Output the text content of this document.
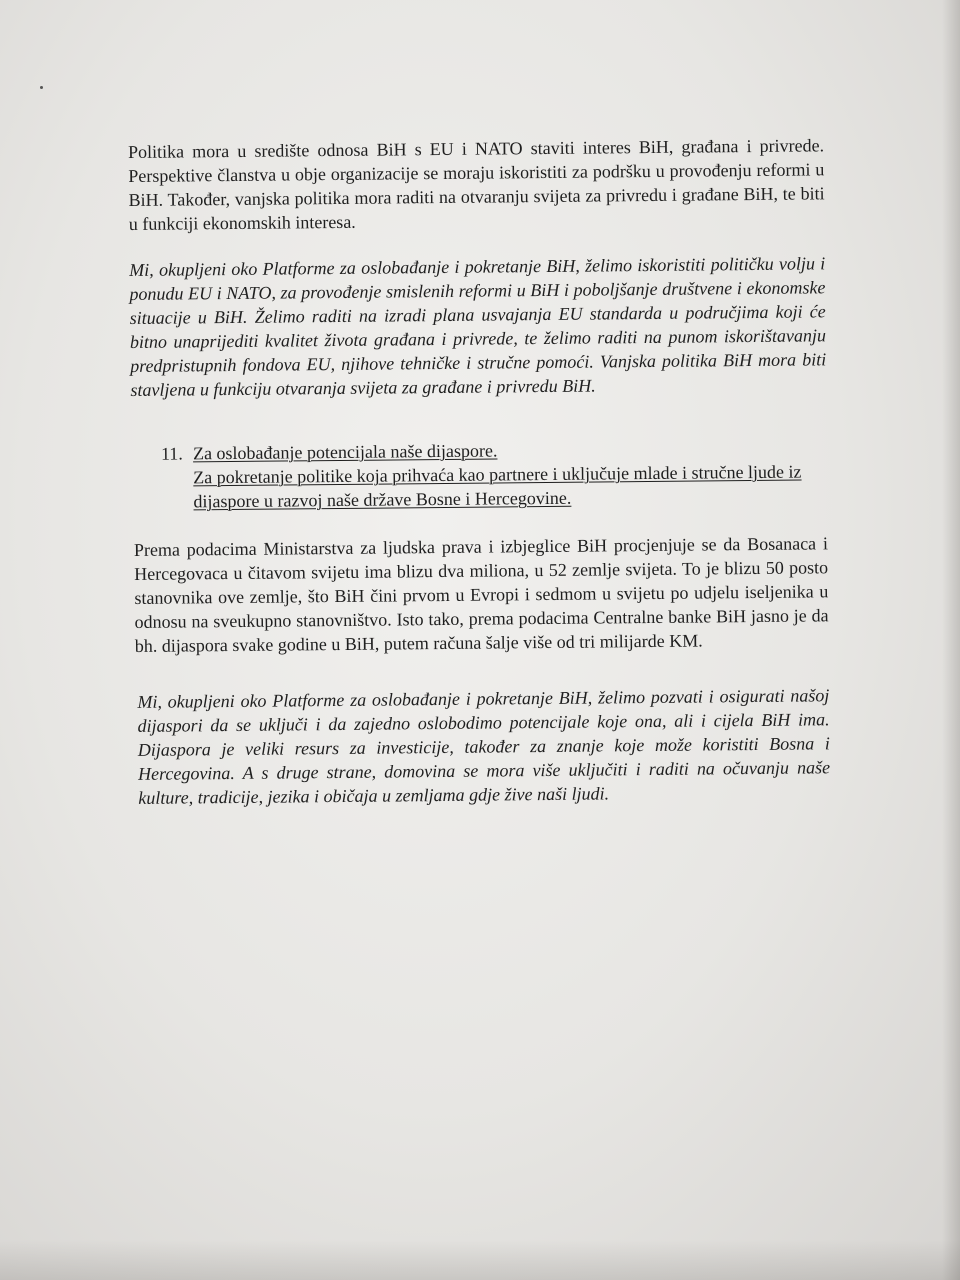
Politika mora u središte odnosa BiH s EU i NATO staviti interes BiH, građana i privrede. Perspektive članstva u obje organizacije se moraju iskoristiti za podršku u provođenju reformi u BiH. Također, vanjska politika mora raditi na otvaranju svijeta za privredu i građane BiH, te biti u funkciji ekonomskih interesa.

Mi, okupljeni oko Platforme za oslobađanje i pokretanje BiH, želimo iskoristiti političku volju i ponudu EU i NATO, za provođenje smislenih reformi u BiH i poboljšanje društvene i ekonomske situacije u BiH. Želimo raditi na izradi plana usvajanja EU standarda u područjima koji će bitno unaprijediti kvalitet života građana i privrede, te želimo raditi na punom iskorištavanju predpristupnih fondova EU, njihove tehničke i stručne pomoći. Vanjska politika BiH mora biti stavljena u funkciju otvaranja svijeta za građane i privredu BiH.

11. Za oslobađanje potencijala naše dijaspore.
Za pokretanje politike koja prihvaća kao partnere i uključuje mlade i stručne ljude iz dijaspore u razvoj naše države Bosne i Hercegovine.

Prema podacima Ministarstva za ljudska prava i izbjeglice BiH procjenjuje se da Bosanaca i Hercegovaca u čitavom svijetu ima blizu dva miliona, u 52 zemlje svijeta. To je blizu 50 posto stanovnika ove zemlje, što BiH čini prvom u Evropi i sedmom u svijetu po udjelu iseljenika u odnosu na sveukupno stanovništvo. Isto tako, prema podacima Centralne banke BiH jasno je da bh. dijaspora svake godine u BiH, putem računa šalje više od tri milijarde KM.

Mi, okupljeni oko Platforme za oslobađanje i pokretanje BiH, želimo pozvati i osigurati našoj dijaspori da se uključi i da zajedno oslobodimo potencijale koje ona, ali i cijela BiH ima. Dijaspora je veliki resurs za investicije, također za znanje koje može koristiti Bosna i Hercegovina. A s druge strane, domovina se mora više uključiti i raditi na očuvanju naše kulture, tradicije, jezika i običaja u zemljama gdje žive naši ljudi.
